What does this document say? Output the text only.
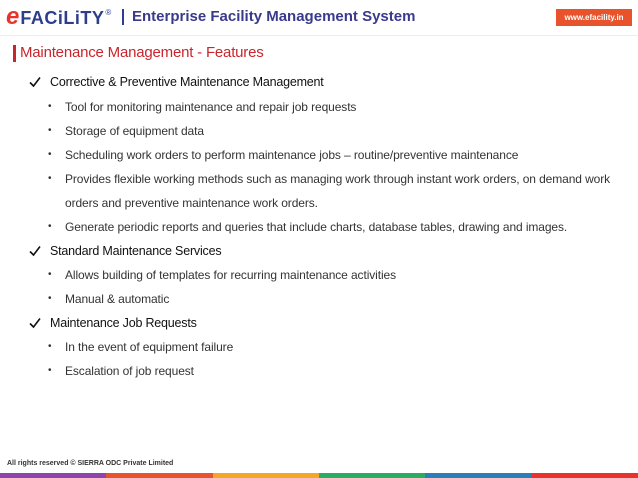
e FACiLiTY ® Enterprise Facility Management System	www.efacility.in
Maintenance Management - Features
Corrective & Preventive Maintenance Management
•	Tool for monitoring maintenance and repair job requests
•	Storage of equipment data
•	Scheduling work orders to perform maintenance jobs – routine/preventive maintenance
•	Provides flexible working methods such as managing work through instant work orders, on demand work
orders and preventive maintenance work orders.
•	Generate periodic reports and queries that include charts, database tables, drawing and images.
Standard Maintenance Services
•	Allows building of templates for recurring maintenance activities
•	Manual & automatic
Maintenance Job Requests
•	In the event of equipment failure
•	Escalation of job request
All rights reserved © SIERRA ODC Private Limited
